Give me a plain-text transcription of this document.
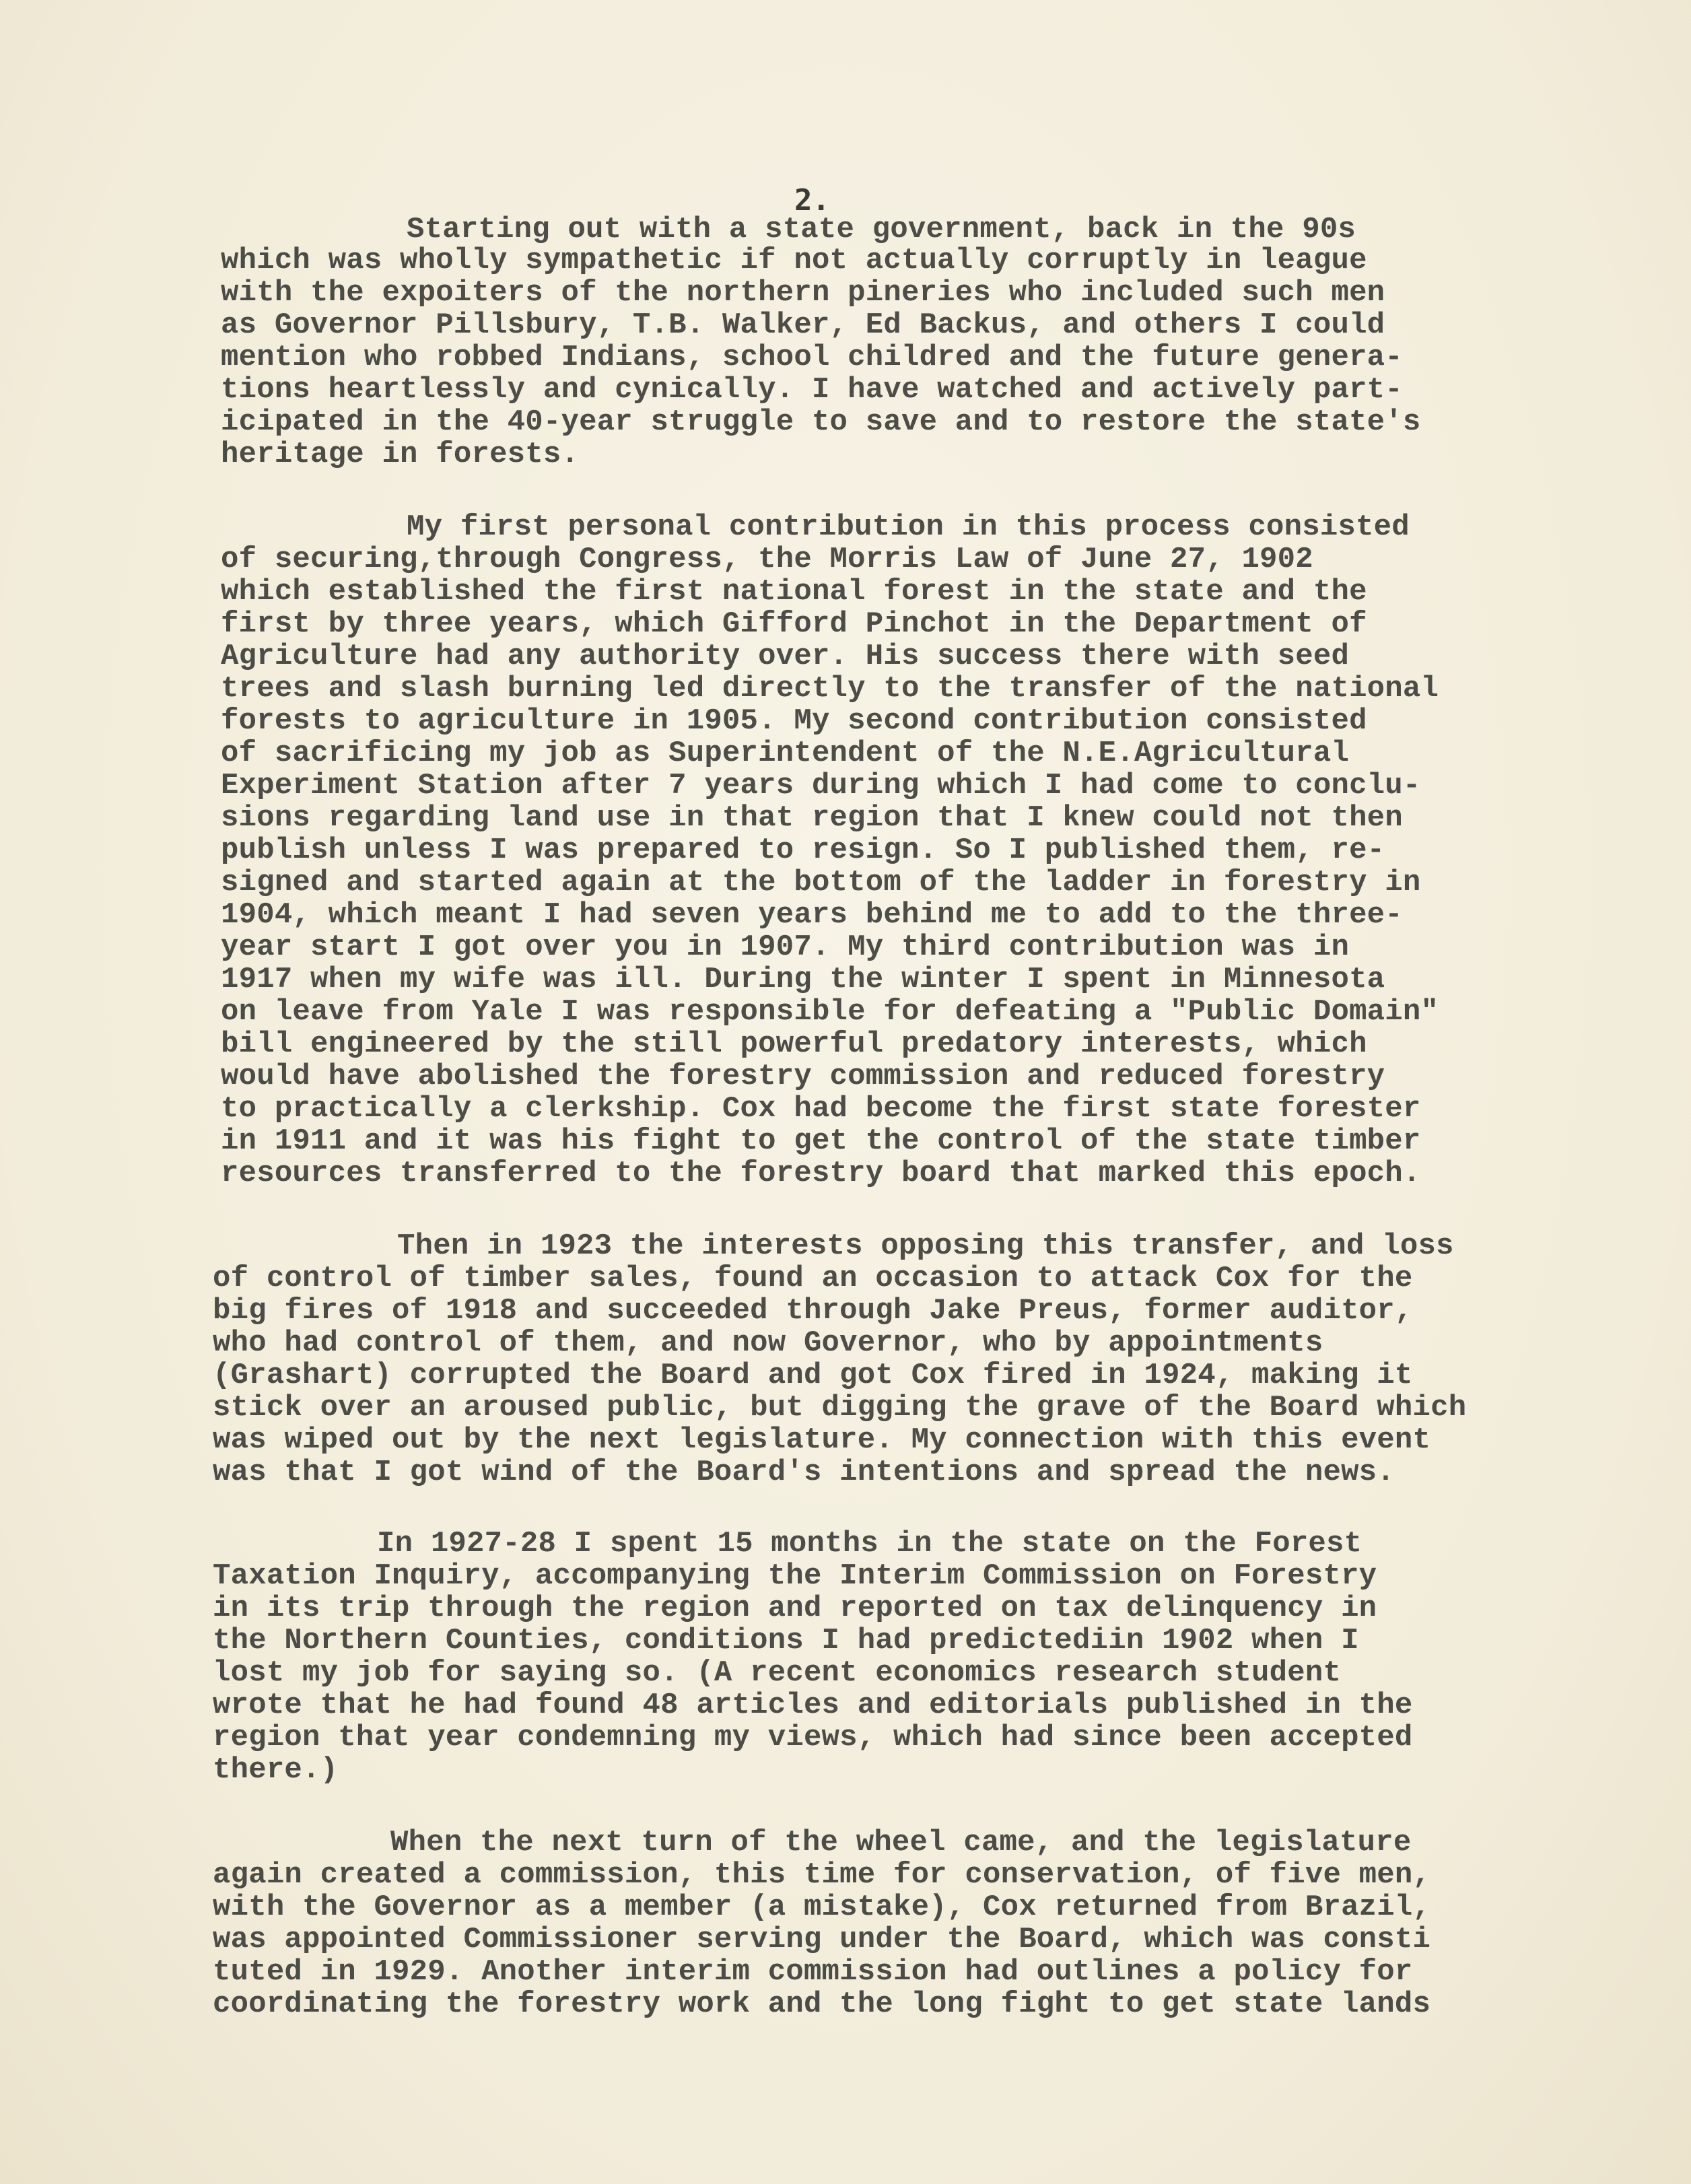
2.
Starting out with a state government, back in the 90s
which was wholly sympathetic if not actually corruptly in league
with the expoiters of the northern pineries who included such men
as Governor Pillsbury, T.B. Walker, Ed Backus, and others I could
mention who robbed Indians, school childred and the future genera-
tions heartlessly and cynically. I have watched and actively part-
icipated in the 40-year struggle to save and to restore the state's
heritage in forests.
My first personal contribution in this process consisted
of securing,through Congress, the Morris Law of June 27, 1902
which established the first national forest in the state and the
first by three years, which Gifford Pinchot in the Department of
Agriculture had any authority over. His success there with seed
trees and slash burning led directly to the transfer of the national
forests to agriculture in 1905. My second contribution consisted
of sacrificing my job as Superintendent of the N.E.Agricultural
Experiment Station after 7 years during which I had come to conclu-
sions regarding land use in that region that I knew could not then
publish unless I was prepared to resign. So I published them, re-
signed and started again at the bottom of the ladder in forestry in
1904, which meant I had seven years behind me to add to the three-
year start I got over you in 1907. My third contribution was in
1917 when my wife was ill. During the winter I spent in Minnesota
on leave from Yale I was responsible for defeating a "Public Domain"
bill engineered by the still powerful predatory interests, which
would have abolished the forestry commission and reduced forestry
to practically a clerkship. Cox had become the first state forester
in 1911 and it was his fight to get the control of the state timber
resources transferred to the forestry board that marked this epoch.
Then in 1923 the interests opposing this transfer, and loss
of control of timber sales, found an occasion to attack Cox for the
big fires of 1918 and succeeded through Jake Preus, former auditor,
who had control of them, and now Governor, who by appointments
(Grashart) corrupted the Board and got Cox fired in 1924, making it
stick over an aroused public, but digging the grave of the Board which
was wiped out by the next legislature. My connection with this event
was that I got wind of the Board's intentions and spread the news.
In 1927-28 I spent 15 months in the state on the Forest
Taxation Inquiry, accompanying the Interim Commission on Forestry
in its trip through the region and reported on tax delinquency in
the Northern Counties, conditions I had predictediin 1902 when I
lost my job for saying so. (A recent economics research student
wrote that he had found 48 articles and editorials published in the
region that year condemning my views, which had since been accepted
there.)
When the next turn of the wheel came, and the legislature
again created a commission, this time for conservation, of five men,
with the Governor as a member (a mistake), Cox returned from Brazil,
was appointed Commissioner serving under the Board, which was consti
tuted in 1929. Another interim commission had outlines a policy for
coordinating the forestry work and the long fight to get state lands
